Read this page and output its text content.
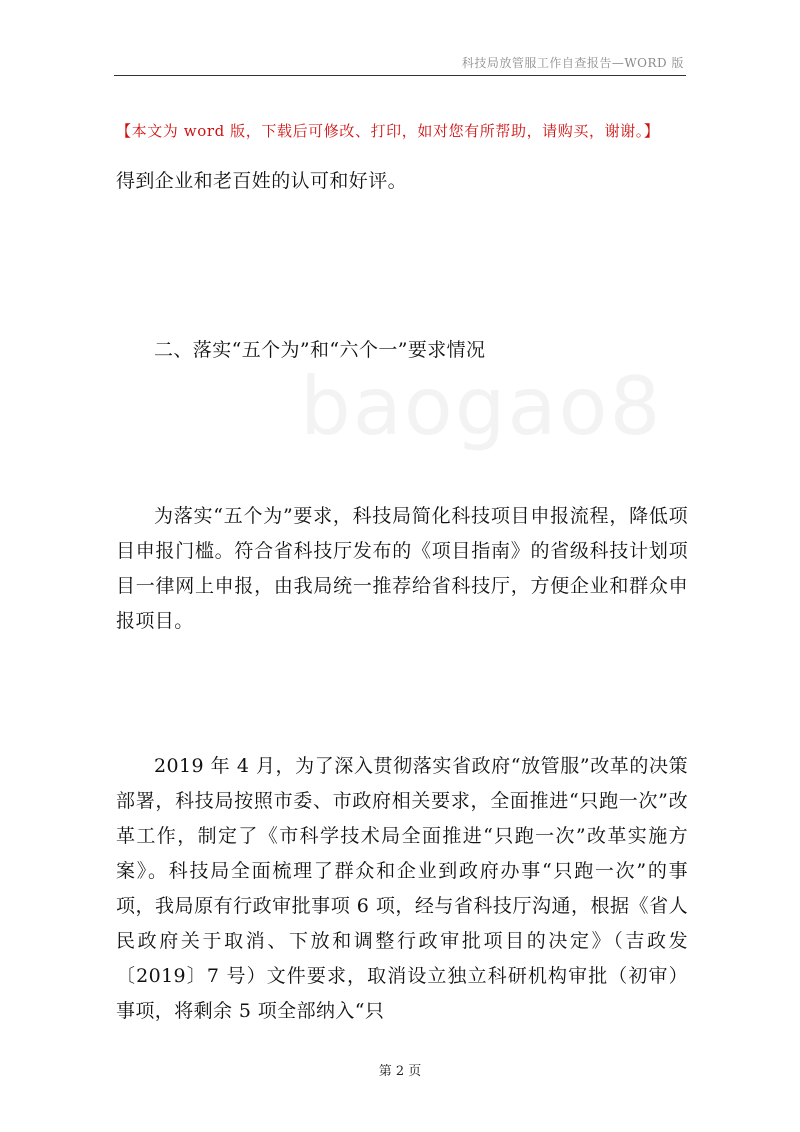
科技局放管服工作自查报告—WORD 版
【本文为 word 版，下载后可修改、打印，如对您有所帮助，请购买，谢谢。】
得到企业和老百姓的认可和好评。
二、落实“五个为”和“六个一”要求情况
为落实“五个为”要求，科技局简化科技项目申报流程，降低项目申报门槛。符合省科技厅发布的《项目指南》的省级科技计划项目一律网上申报，由我局统一推荐给省科技厅，方便企业和群众申报项目。
2019 年 4 月，为了深入贯彻落实省政府“放管服”改革的决策部署，科技局按照市委、市政府相关要求，全面推进“只跑一次”改革工作，制定了《市科学技术局全面推进“只跑一次”改革实施方案》。科技局全面梳理了群众和企业到政府办事“只跑一次”的事项，我局原有行政审批事项 6 项，经与省科技厅沟通，根据《省人民政府关于取消、下放和调整行政审批项目的决定》（吉政发〔2019〕7 号）文件要求，取消设立独立科研机构审批（初审）事项，将剩余 5 项全部纳入“只
第 2 页
